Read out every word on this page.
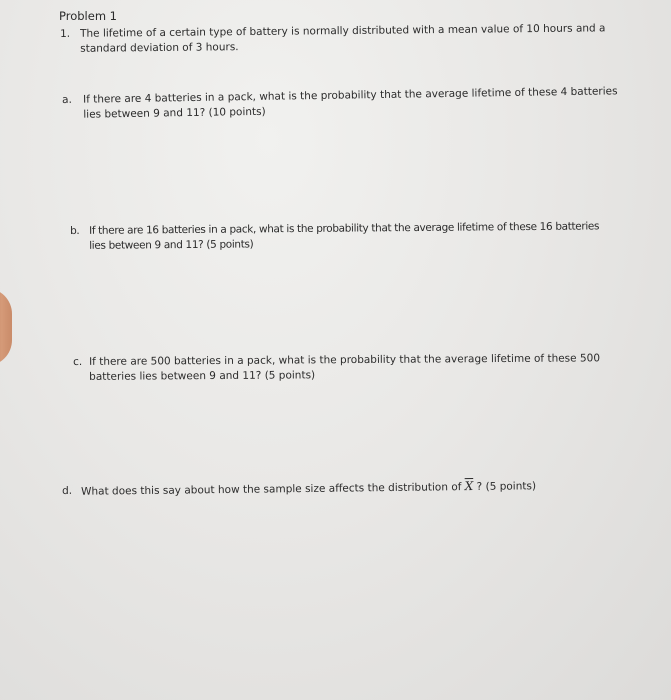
Problem 1
1. The lifetime of a certain type of battery is normally distributed with a mean value of 10 hours and a
standard deviation of 3 hours.
a. If there are 4 batteries in a pack, what is the probability that the average lifetime of these 4 batteries
lies between 9 and 11? (10 points)
b. If there are 16 batteries in a pack, what is the probability that the average lifetime of these 16 batteries
lies between 9 and 11? (5 points)
c. If there are 500 batteries in a pack, what is the probability that the average lifetime of these 500
batteries lies between 9 and 11? (5 points)
d. What does this say about how the sample size affects the distribution of $\overline{X}$ ? (5 points)
